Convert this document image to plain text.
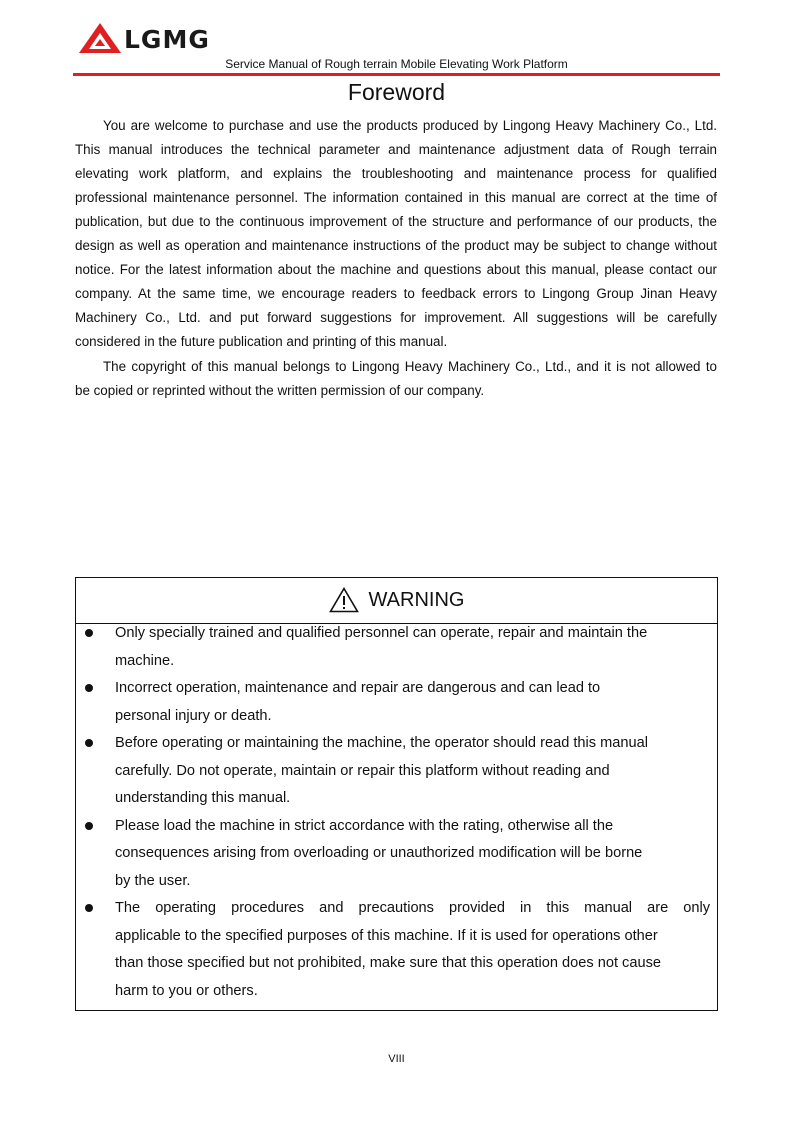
LGMG
Service Manual of Rough terrain Mobile Elevating Work Platform
Foreword
You are welcome to purchase and use the products produced by Lingong Heavy Machinery Co., Ltd.
This manual introduces the technical parameter and maintenance adjustment data of Rough terrain
elevating work platform, and explains the troubleshooting and maintenance process for qualified
professional maintenance personnel. The information contained in this manual are correct at the time of
publication, but due to the continuous improvement of the structure and performance of our products, the
design as well as operation and maintenance instructions of the product may be subject to change without
notice. For the latest information about the machine and questions about this manual, please contact our
company. At the same time, we encourage readers to feedback errors to Lingong Group Jinan Heavy
Machinery Co., Ltd. and put forward suggestions for improvement. All suggestions will be carefully
considered in the future publication and printing of this manual.
The copyright of this manual belongs to Lingong Heavy Machinery Co., Ltd., and it is not allowed to
be copied or reprinted without the written permission of our company.
WARNING
Only specially trained and qualified personnel can operate, repair and maintain the
machine.
Incorrect operation, maintenance and repair are dangerous and can lead to
personal injury or death.
Before operating or maintaining the machine, the operator should read this manual
carefully. Do not operate, maintain or repair this platform without reading and
understanding this manual.
Please load the machine in strict accordance with the rating, otherwise all the
consequences arising from overloading or unauthorized modification will be borne
by the user.
The operating procedures and precautions provided in this manual are only
applicable to the specified purposes of this machine. If it is used for operations other
than those specified but not prohibited, make sure that this operation does not cause
harm to you or others.
VIII
